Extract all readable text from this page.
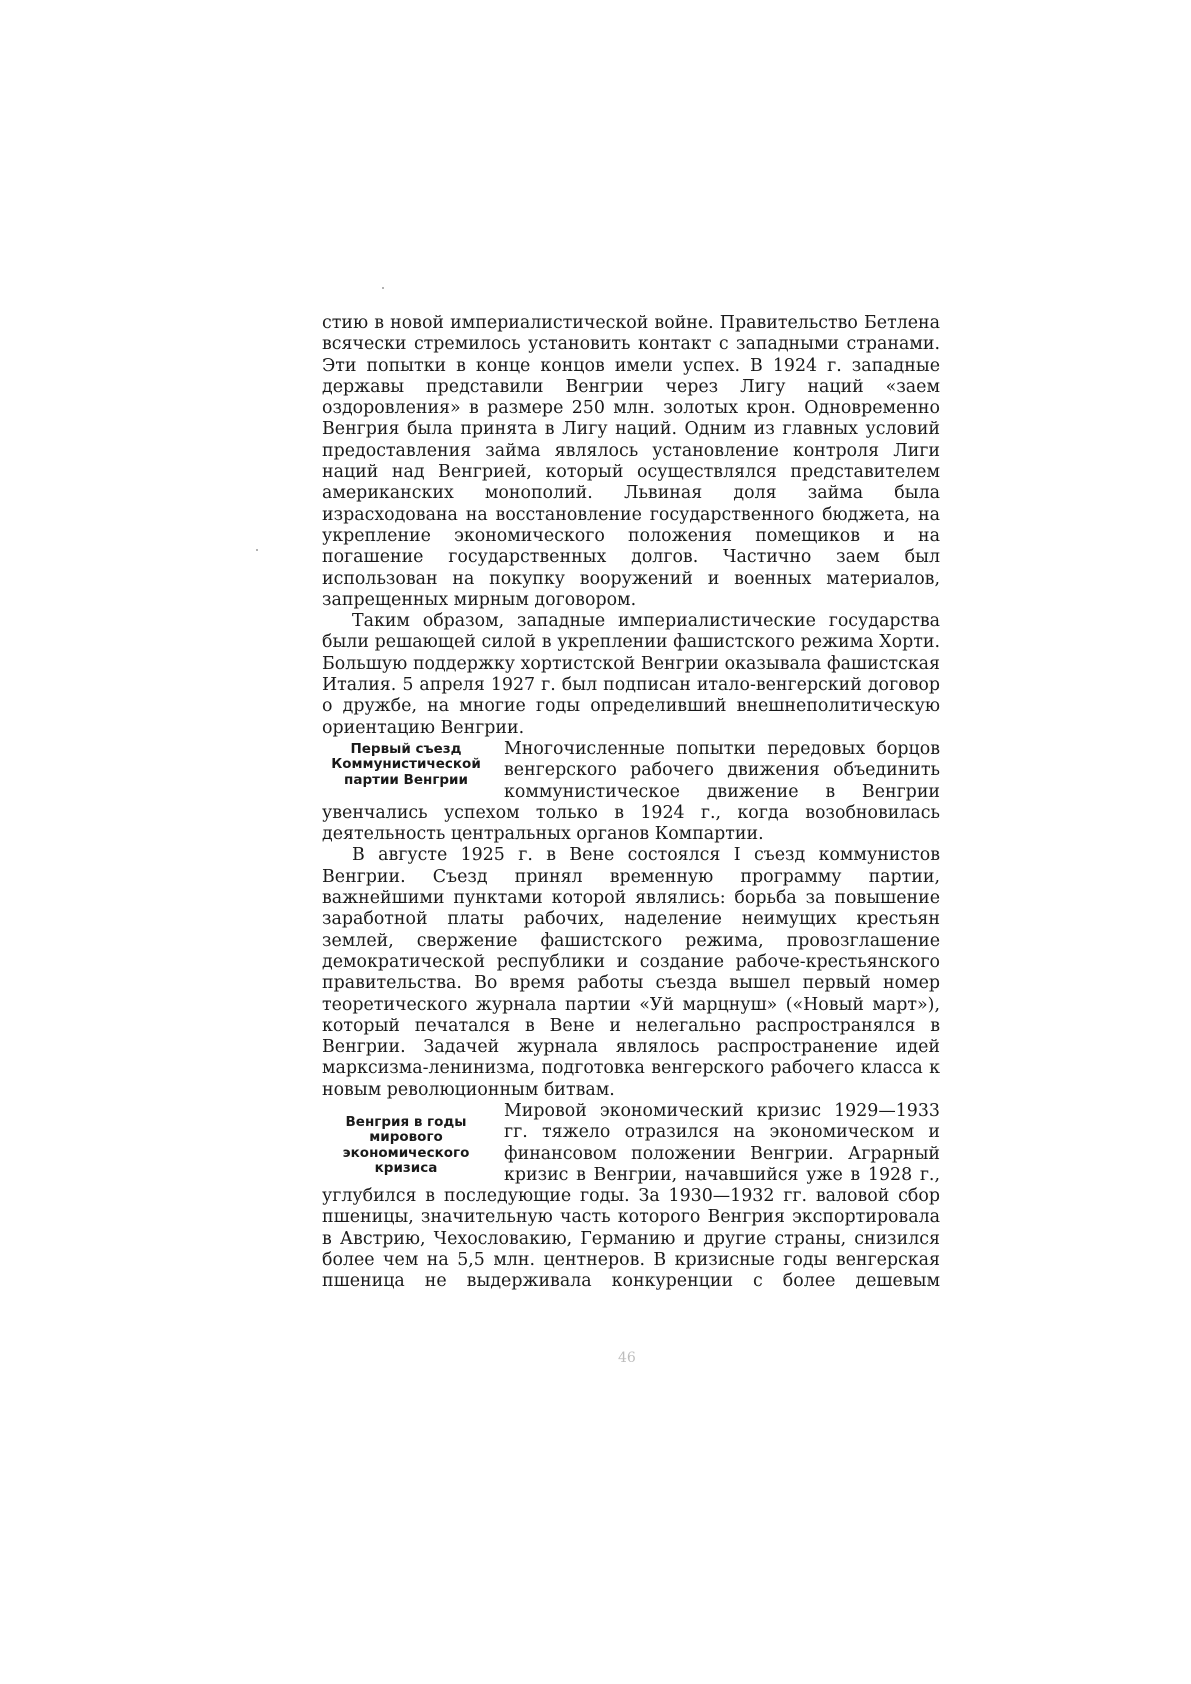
стию в новой империалистической войне. Правительство Бетлена всячески стремилось установить контакт с западными странами. Эти попытки в конце концов имели успех. В 1924 г. западные державы представили Венгрии через Лигу наций «заем оздоровления» в размере 250 млн. золотых крон. Одновременно Венгрия была принята в Лигу наций. Одним из главных условий предоставления займа являлось установление контроля Лиги наций над Венгрией, который осуществлялся представителем американских монополий. Львиная доля займа была израсходована на восстановление государственного бюджета, на укрепление экономического положения помещиков и на погашение государственных долгов. Частично заем был использован на покупку вооружений и военных материалов, запрещенных мирным договором.

Таким образом, западные империалистические государства были решающей силой в укреплении фашистского режима Хорти. Большую поддержку хортистской Венгрии оказывала фашистская Италия. 5 апреля 1927 г. был подписан итало-венгерский договор о дружбе, на многие годы определивший внешнеполитическую ориентацию Венгрии.

Первый съезд Коммунистической партии Венгрии

Многочисленные попытки передовых борцов венгерского рабочего движения объединить коммунистическое движение в Венгрии увенчались успехом только в 1924 г., когда возобновилась деятельность центральных органов Компартии.

В августе 1925 г. в Вене состоялся I съезд коммунистов Венгрии. Съезд принял временную программу партии, важнейшими пунктами которой являлись: борьба за повышение заработной платы рабочих, наделение неимущих крестьян землей, свержение фашистского режима, провозглашение демократической республики и создание рабоче-крестьянского правительства. Во время работы съезда вышел первый номер теоретического журнала партии «Уй марцнуш» («Новый март»), который печатался в Вене и нелегально распространялся в Венгрии. Задачей журнала являлось распространение идей марксизма-ленинизма, подготовка венгерского рабочего класса к новым революционным битвам.

Венгрия в годы мирового экономического кризиса

Мировой экономический кризис 1929—1933 гг. тяжело отразился на экономическом и финансовом положении Венгрии. Аграрный кризис в Венгрии, начавшийся уже в 1928 г., углубился в последующие годы. За 1930—1932 гг. валовой сбор пшеницы, значительную часть которого Венгрия экспортировала в Австрию, Чехословакию, Германию и другие страны, снизился более чем на 5,5 млн. центнеров. В кризисные годы венгерская пшеница не выдерживала конкуренции с более дешевым

46
